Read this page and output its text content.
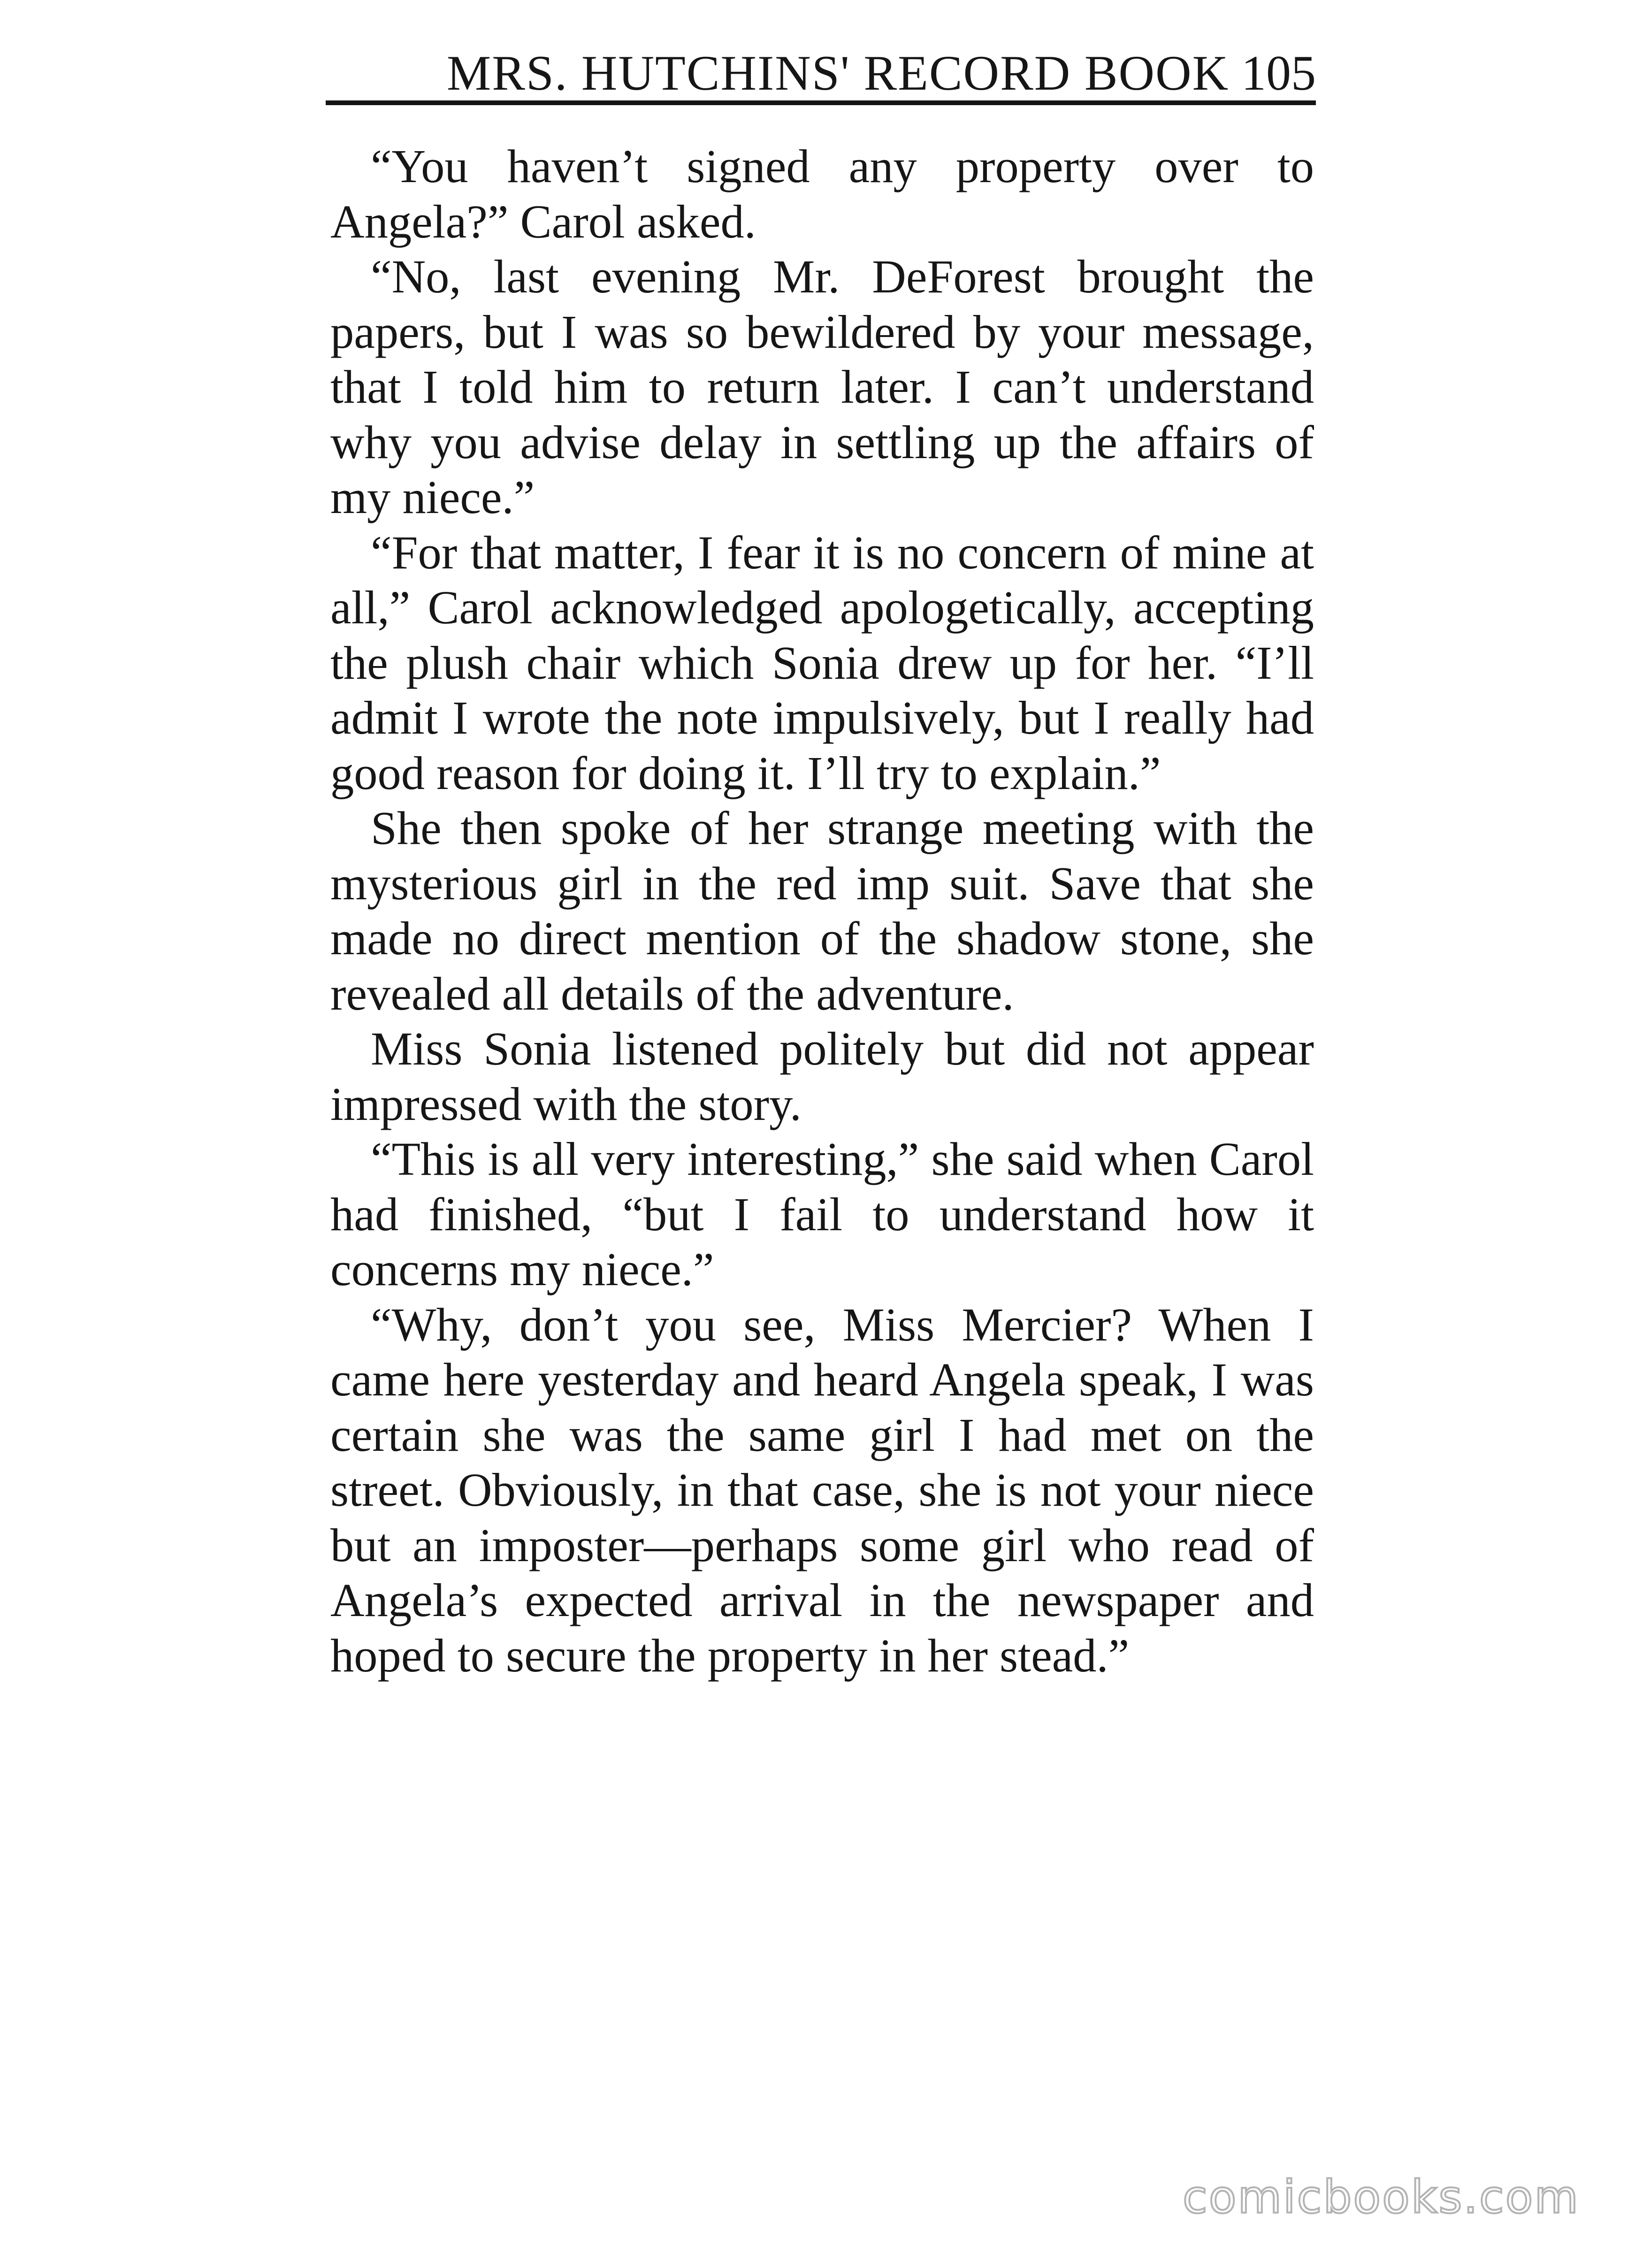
MRS. HUTCHINS' RECORD BOOK 105

“You haven’t signed any property over to Angela?” Carol asked.

“No, last evening Mr. DeForest brought the papers, but I was so bewildered by your message, that I told him to return later. I can’t understand why you advise delay in settling up the affairs of my niece.”

“For that matter, I fear it is no concern of mine at all,” Carol acknowledged apologetically, accepting the plush chair which Sonia drew up for her. “I’ll admit I wrote the note impulsively, but I really had good reason for doing it. I’ll try to explain.”

She then spoke of her strange meeting with the mysterious girl in the red imp suit. Save that she made no direct mention of the shadow stone, she revealed all details of the adventure.

Miss Sonia listened politely but did not appear impressed with the story.

“This is all very interesting,” she said when Carol had finished, “but I fail to understand how it concerns my niece.”

“Why, don’t you see, Miss Mercier? When I came here yesterday and heard Angela speak, I was certain she was the same girl I had met on the street. Obviously, in that case, she is not your niece but an imposter—perhaps some girl who read of Angela’s expected arrival in the newspaper and hoped to secure the property in her stead.”

comicbooks.com
